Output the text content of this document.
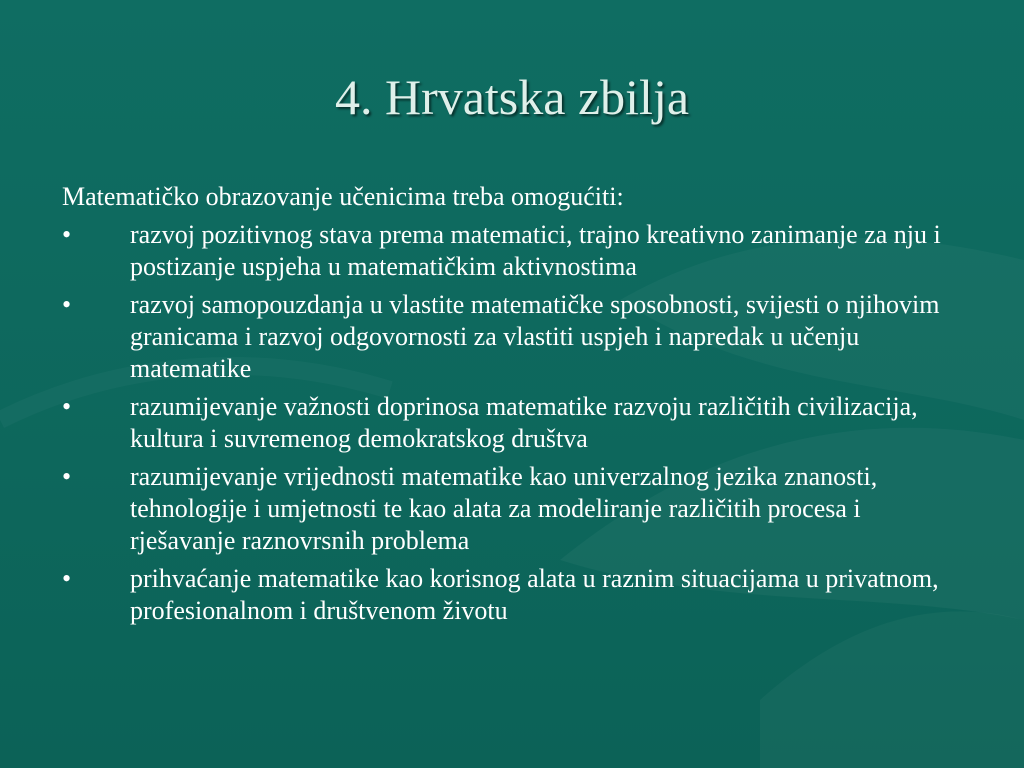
4. Hrvatska zbilja

Matematičko obrazovanje učenicima treba omogućiti:

•	razvoj pozitivnog stava prema matematici, trajno kreativno zanimanje za nju i postizanje uspjeha u matematičkim aktivnostima
•	razvoj samopouzdanja u vlastite matematičke sposobnosti, svijesti o njihovim granicama i razvoj odgovornosti za vlastiti uspjeh i napredak u učenju matematike
•	razumijevanje važnosti doprinosa matematike razvoju različitih civilizacija, kultura i suvremenog demokratskog društva
•	razumijevanje vrijednosti matematike kao univerzalnog jezika znanosti, tehnologije i umjetnosti te kao alata za modeliranje različitih procesa i rješavanje raznovrsnih problema
•	prihvaćanje matematike kao korisnog alata u raznim situacijama u privatnom, profesionalnom i društvenom životu
